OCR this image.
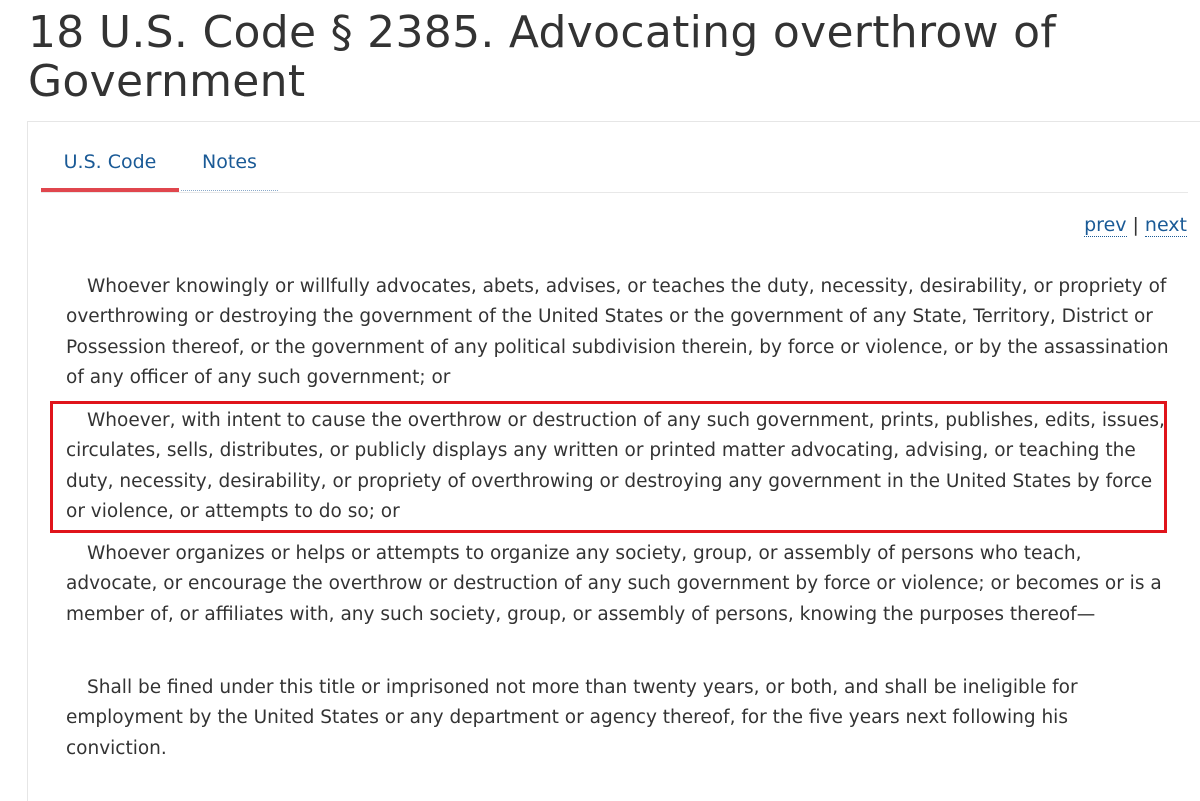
18 U.S. Code § 2385. Advocating overthrow of Government
U.S. Code	Notes
prev | next

Whoever knowingly or willfully advocates, abets, advises, or teaches the duty, necessity, desirability, or propriety of overthrowing or destroying the government of the United States or the government of any State, Territory, District or Possession thereof, or the government of any political subdivision therein, by force or violence, or by the assassination of any officer of any such government; or

Whoever, with intent to cause the overthrow or destruction of any such government, prints, publishes, edits, issues, circulates, sells, distributes, or publicly displays any written or printed matter advocating, advising, or teaching the duty, necessity, desirability, or propriety of overthrowing or destroying any government in the United States by force or violence, or attempts to do so; or

Whoever organizes or helps or attempts to organize any society, group, or assembly of persons who teach, advocate, or encourage the overthrow or destruction of any such government by force or violence; or becomes or is a member of, or affiliates with, any such society, group, or assembly of persons, knowing the purposes thereof—

Shall be fined under this title or imprisoned not more than twenty years, or both, and shall be ineligible for employment by the United States or any department or agency thereof, for the five years next following his conviction.
